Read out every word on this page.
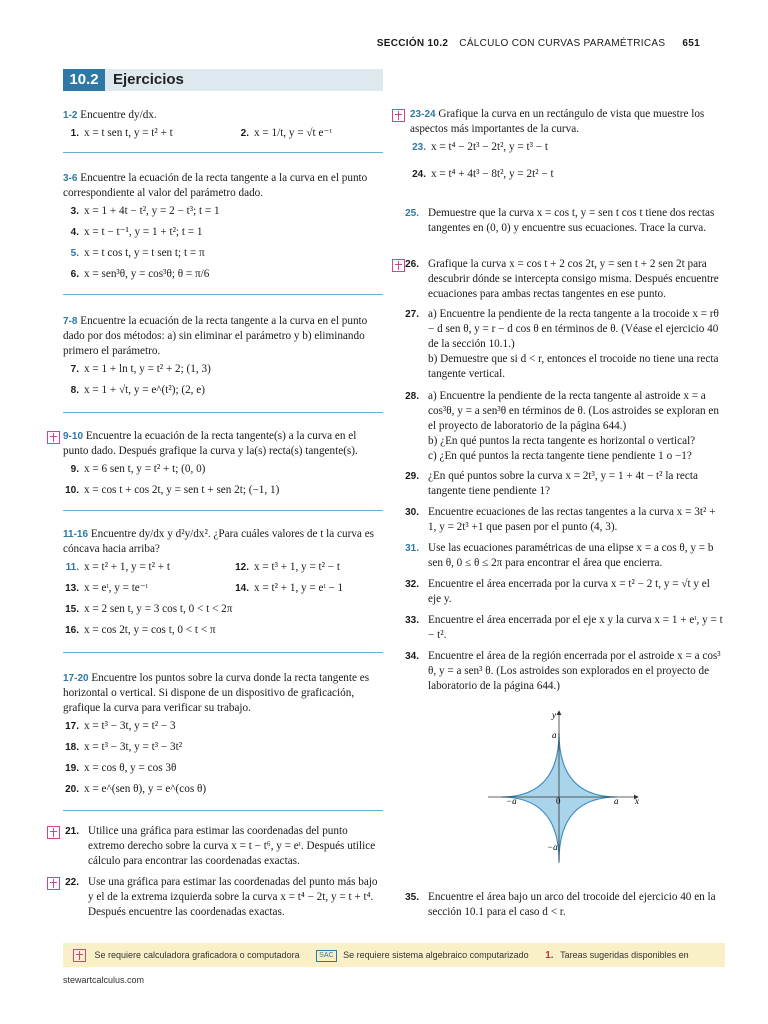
SECCIÓN 10.2 CÁLCULO CON CURVAS PARAMÉTRICAS 651
10.2 Ejercicios
1-2 Encuentre dy/dx.
1. x = t sen t, y = t² + t	2. x = 1/t, y = √t e⁻ᵗ
3-6 Encuentre la ecuación de la recta tangente a la curva en el punto correspondiente al valor del parámetro dado.
3. x = 1 + 4t − t², y = 2 − t³; t = 1
4. x = t − t⁻¹, y = 1 + t²; t = 1
5. x = t cos t, y = t sen t; t = π
6. x = sen³θ, y = cos³θ; θ = π/6
7-8 Encuentre la ecuación de la recta tangente a la curva en el punto dado por dos métodos: a) sin eliminar el parámetro y b) eliminando primero el parámetro.
7. x = 1 + ln t, y = t² + 2; (1, 3)
8. x = 1 + √t, y = e^(t²); (2, e)
9-10 Encuentre la ecuación de la recta tangente(s) a la curva en el punto dado. Después grafique la curva y la(s) recta(s) tangente(s).
9. x = 6 sen t, y = t² + t; (0, 0)
10. x = cos t + cos 2t, y = sen t + sen 2t; (−1, 1)
11-16 Encuentre dy/dx y d²y/dx². ¿Para cuáles valores de t la curva es cóncava hacia arriba?
11. x = t² + 1, y = t² + t	12. x = t³ + 1, y = t² − t
13. x = eᵗ, y = te⁻ᵗ	14. x = t² + 1, y = eᵗ − 1
15. x = 2 sen t, y = 3 cos t, 0 < t < 2π
16. x = cos 2t, y = cos t, 0 < t < π
17-20 Encuentre los puntos sobre la curva donde la recta tangente es horizontal o vertical. Si dispone de un dispositivo de graficación, grafique la curva para verificar su trabajo.
17. x = t³ − 3t, y = t² − 3
18. x = t³ − 3t, y = t³ − 3t²
19. x = cos θ, y = cos 3θ
20. x = e^(sen θ), y = e^(cos θ)
21. Utilice una gráfica para estimar las coordenadas del punto extremo derecho sobre la curva x = t − t⁶, y = eᵗ. Después utilice cálculo para encontrar las coordenadas exactas.
22. Use una gráfica para estimar las coordenadas del punto más bajo y el de la extrema izquierda sobre la curva x = t⁴ − 2t, y = t + t⁴. Después encuentre las coordenadas exactas.
23-24 Grafique la curva en un rectángulo de vista que muestre los aspectos más importantes de la curva.
23. x = t⁴ − 2t³ − 2t², y = t³ − t
24. x = t⁴ + 4t³ − 8t², y = 2t² − t
25. Demuestre que la curva x = cos t, y = sen t cos t tiene dos rectas tangentes en (0, 0) y encuentre sus ecuaciones. Trace la curva.
26. Grafique la curva x = cos t + 2 cos 2t, y = sen t + 2 sen 2t para descubrir dónde se intercepta consigo misma. Después encuentre ecuaciones para ambas rectas tangentes en ese punto.
27. a) Encuentre la pendiente de la recta tangente a la trocoide x = rθ − d sen θ, y = r − d cos θ en términos de θ. (Véase el ejercicio 40 de la sección 10.1.)
b) Demuestre que si d < r, entonces el trocoide no tiene una recta tangente vertical.
28. a) Encuentre la pendiente de la recta tangente al astroide x = a cos³θ, y = a sen³θ en términos de θ. (Los astroides se exploran en el proyecto de laboratorio de la página 644.)
b) ¿En qué puntos la recta tangente es horizontal o vertical?
c) ¿En qué puntos la recta tangente tiene pendiente 1 o −1?
29. ¿En qué puntos sobre la curva x = 2t³, y = 1 + 4t − t² la recta tangente tiene pendiente 1?
30. Encuentre ecuaciones de las rectas tangentes a la curva x = 3t² + 1, y = 2t³ +1 que pasen por el punto (4, 3).
31. Use las ecuaciones paramétricas de una elipse x = a cos θ, y = b sen θ, 0 ≤ θ ≤ 2π para encontrar el área que encierra.
32. Encuentre el área encerrada por la curva x = t² − 2 t, y = √t y el eje y.
33. Encuentre el área encerrada por el eje x y la curva x = 1 + eᵗ, y = t − t².
34. Encuentre el área de la región encerrada por el astroide x = a cos³ θ, y = a sen³ θ. (Los astroides son explorados en el proyecto de laboratorio de la página 644.)
y
x
a
a
−a
−a
0
35. Encuentre el área bajo un arco del trocoide del ejercicio 40 en la sección 10.1 para el caso d < r.
Se requiere calculadora graficadora o computadora	SAC Se requiere sistema algebraico computarizado 1. Tareas sugeridas disponibles en stewartcalculus.com
